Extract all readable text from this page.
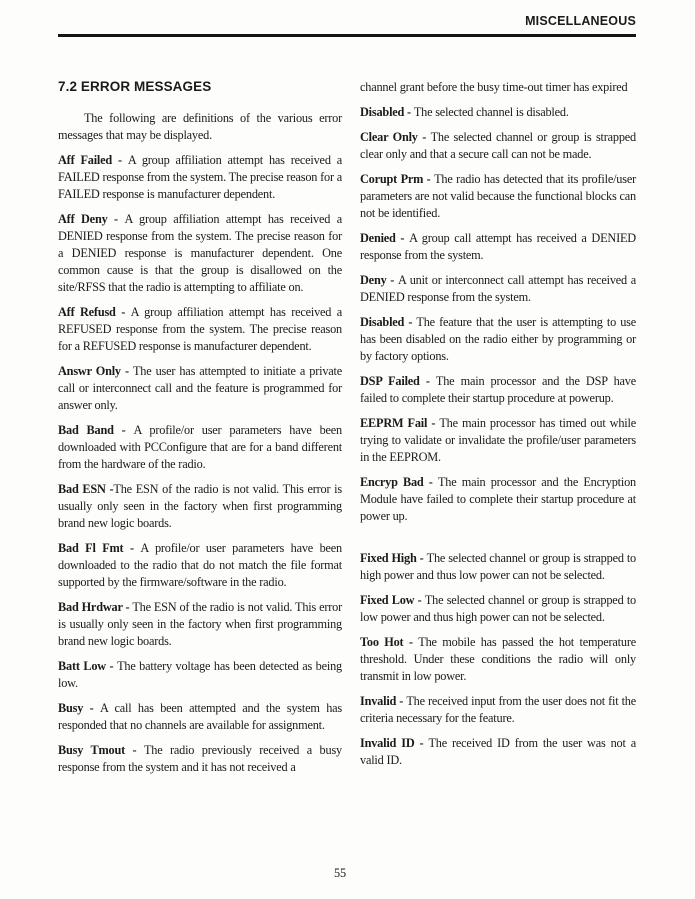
MISCELLANEOUS
7.2 ERROR MESSAGES

The following are definitions of the various error messages that may be displayed.

Aff Failed - A group affiliation attempt has received a FAILED response from the system. The precise reason for a FAILED response is manufacturer dependent.

Aff Deny - A group affiliation attempt has received a DENIED response from the system. The precise reason for a DENIED response is manufacturer dependent. One common cause is that the group is disallowed on the site/RFSS that the radio is attempting to affiliate on.

Aff Refusd - A group affiliation attempt has received a REFUSED response from the system. The precise reason for a REFUSED response is manufacturer dependent.

Answr Only - The user has attempted to initiate a private call or interconnect call and the feature is programmed for answer only.

Bad Band - A profile/or user parameters have been downloaded with PCConfigure that are for a band different from the hardware of the radio.

Bad ESN -The ESN of the radio is not valid. This error is usually only seen in the factory when first programming brand new logic boards.

Bad Fl Fmt - A profile/or user parameters have been downloaded to the radio that do not match the file format supported by the firmware/software in the radio.

Bad Hrdwar - The ESN of the radio is not valid. This error is usually only seen in the factory when first programming brand new logic boards.

Batt Low - The battery voltage has been detected as being low.

Busy - A call has been attempted and the system has responded that no channels are available for assignment.

Busy Tmout - The radio previously received a busy response from the system and it has not received a

channel grant before the busy time-out timer has expired

Disabled - The selected channel is disabled.

Clear Only - The selected channel or group is strapped clear only and that a secure call can not be made.

Corupt Prm - The radio has detected that its profile/user parameters are not valid because the functional blocks can not be identified.

Denied - A group call attempt has received a DENIED response from the system.

Deny - A unit or interconnect call attempt has received a DENIED response from the system.

Disabled - The feature that the user is attempting to use has been disabled on the radio either by programming or by factory options.

DSP Failed - The main processor and the DSP have failed to complete their startup procedure at powerup.

EEPRM Fail - The main processor has timed out while trying to validate or invalidate the profile/user parameters in the EEPROM.

Encryp Bad - The main processor and the Encryption Module have failed to complete their startup procedure at power up.

Fixed High - The selected channel or group is strapped to high power and thus low power can not be selected.

Fixed Low - The selected channel or group is strapped to low power and thus high power can not be selected.

Too Hot - The mobile has passed the hot temperature threshold. Under these conditions the radio will only transmit in low power.

Invalid - The received input from the user does not fit the criteria necessary for the feature.

Invalid ID - The received ID from the user was not a valid ID.

55
